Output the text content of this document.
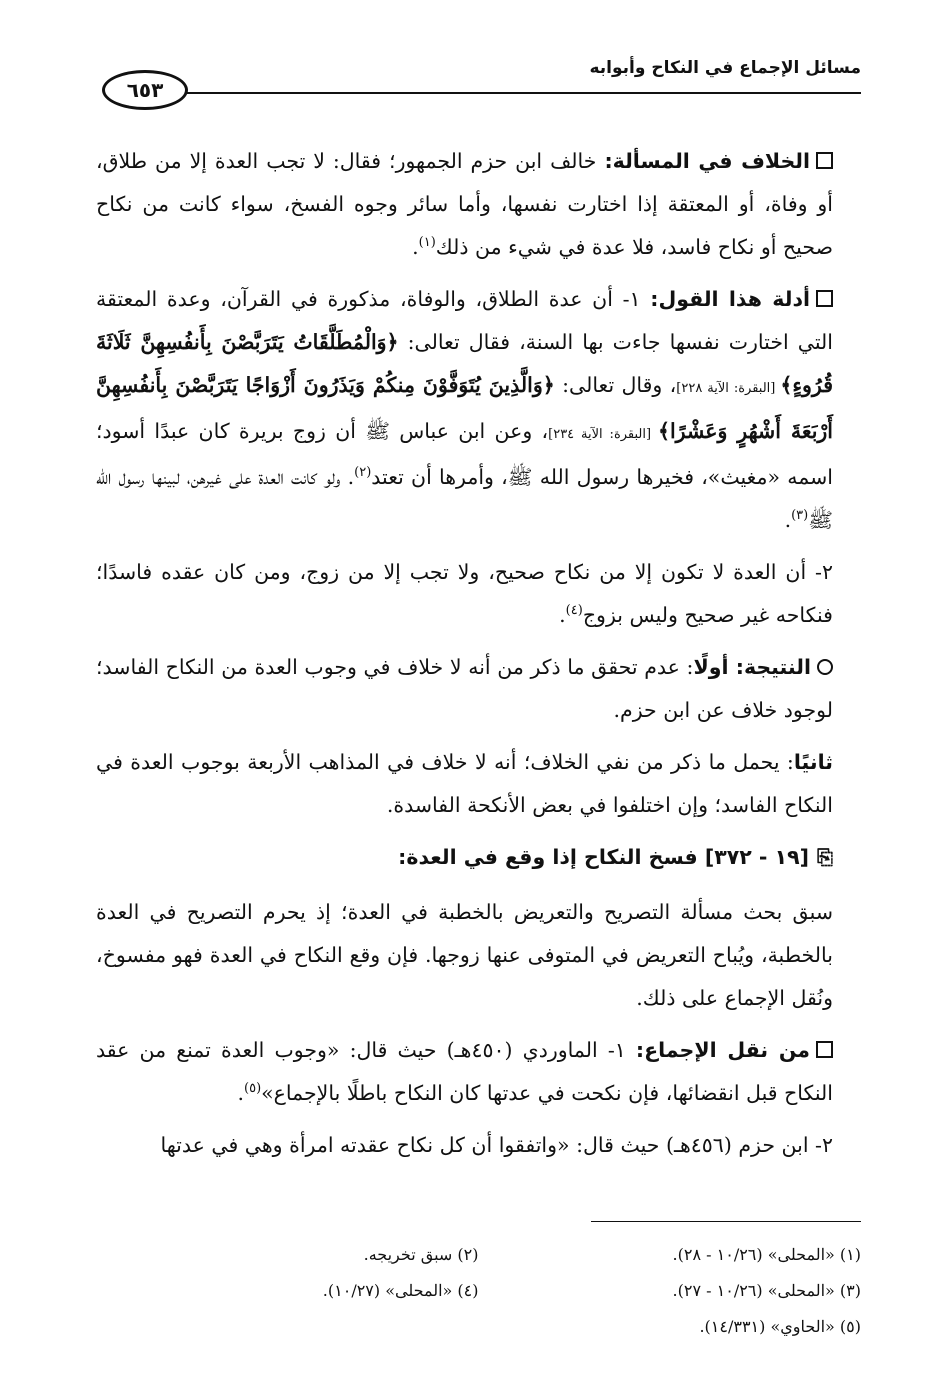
مسائل الإجماع في النكاح وأبوابه
٦٥٣

الخلاف في المسألة: خالف ابن حزم الجمهور؛ فقال: لا تجب العدة إلا من طلاق، أو وفاة، أو المعتقة إذا اختارت نفسها، وأما سائر وجوه الفسخ، سواء كانت من نكاح صحيح أو نكاح فاسد، فلا عدة في شيء من ذلك$^{(١)}$.

أدلة هذا القول: ١- أن عدة الطلاق، والوفاة، مذكورة في القرآن، وعدة المعتقة التي اختارت نفسها جاءت بها السنة، فقال تعالى: ﴿وَالْمُطَلَّقَاتُ يَتَرَبَّصْنَ بِأَنفُسِهِنَّ ثَلَاثَةَ قُرُوءٍ﴾ [البقرة: الآية ٢٢٨]، وقال تعالى: ﴿وَالَّذِينَ يُتَوَفَّوْنَ مِنكُمْ وَيَذَرُونَ أَزْوَاجًا يَتَرَبَّصْنَ بِأَنفُسِهِنَّ أَرْبَعَةَ أَشْهُرٍ وَعَشْرًا﴾ [البقرة: الآية ٢٣٤]، وعن ابن عباس ﷺ أن زوج بريرة كان عبدًا أسود؛ اسمه «مغيث»، فخيرها رسول الله ﷺ، وأمرها أن تعتد$^{(٢)}$. ولو كانت العدة على غيرهن، لبينها رسول الله ﷺ$^{(٣)}$.

٢- أن العدة لا تكون إلا من نكاح صحيح، ولا تجب إلا من زوج، ومن كان عقده فاسدًا؛ فنكاحه غير صحيح وليس بزوج$^{(٤)}$.

النتيجة: أولًا: عدم تحقق ما ذكر من أنه لا خلاف في وجوب العدة من النكاح الفاسد؛ لوجود خلاف عن ابن حزم.

ثانيًا: يحمل ما ذكر من نفي الخلاف؛ أنه لا خلاف في المذاهب الأربعة بوجوب العدة في النكاح الفاسد؛ وإن اختلفوا في بعض الأنكحة الفاسدة.

⎘[١٩ - ٣٧٢] فسخ النكاح إذا وقع في العدة:

سبق بحث مسألة التصريح والتعريض بالخطبة في العدة؛ إذ يحرم التصريح في العدة بالخطبة، ويُباح التعريض في المتوفى عنها زوجها. فإن وقع النكاح في العدة فهو مفسوخ، ونُقل الإجماع على ذلك.

من نقل الإجماع: ١- الماوردي (٤٥٠هـ) حيث قال: «وجوب العدة تمنع من عقد النكاح قبل انقضائها، فإن نكحت في عدتها كان النكاح باطلًا بالإجماع»$^{(٥)}$.

٢- ابن حزم (٤٥٦هـ) حيث قال: «واتفقوا أن كل نكاح عقدته امرأة وهي في عدتها

(١) «المحلى» (١٠/٢٦ - ٢٨).
(٢) سبق تخريجه.
(٣) «المحلى» (١٠/٢٦ - ٢٧).
(٤) «المحلى» (١٠/٢٧).
(٥) «الحاوي» (١٤/٣٣١).
